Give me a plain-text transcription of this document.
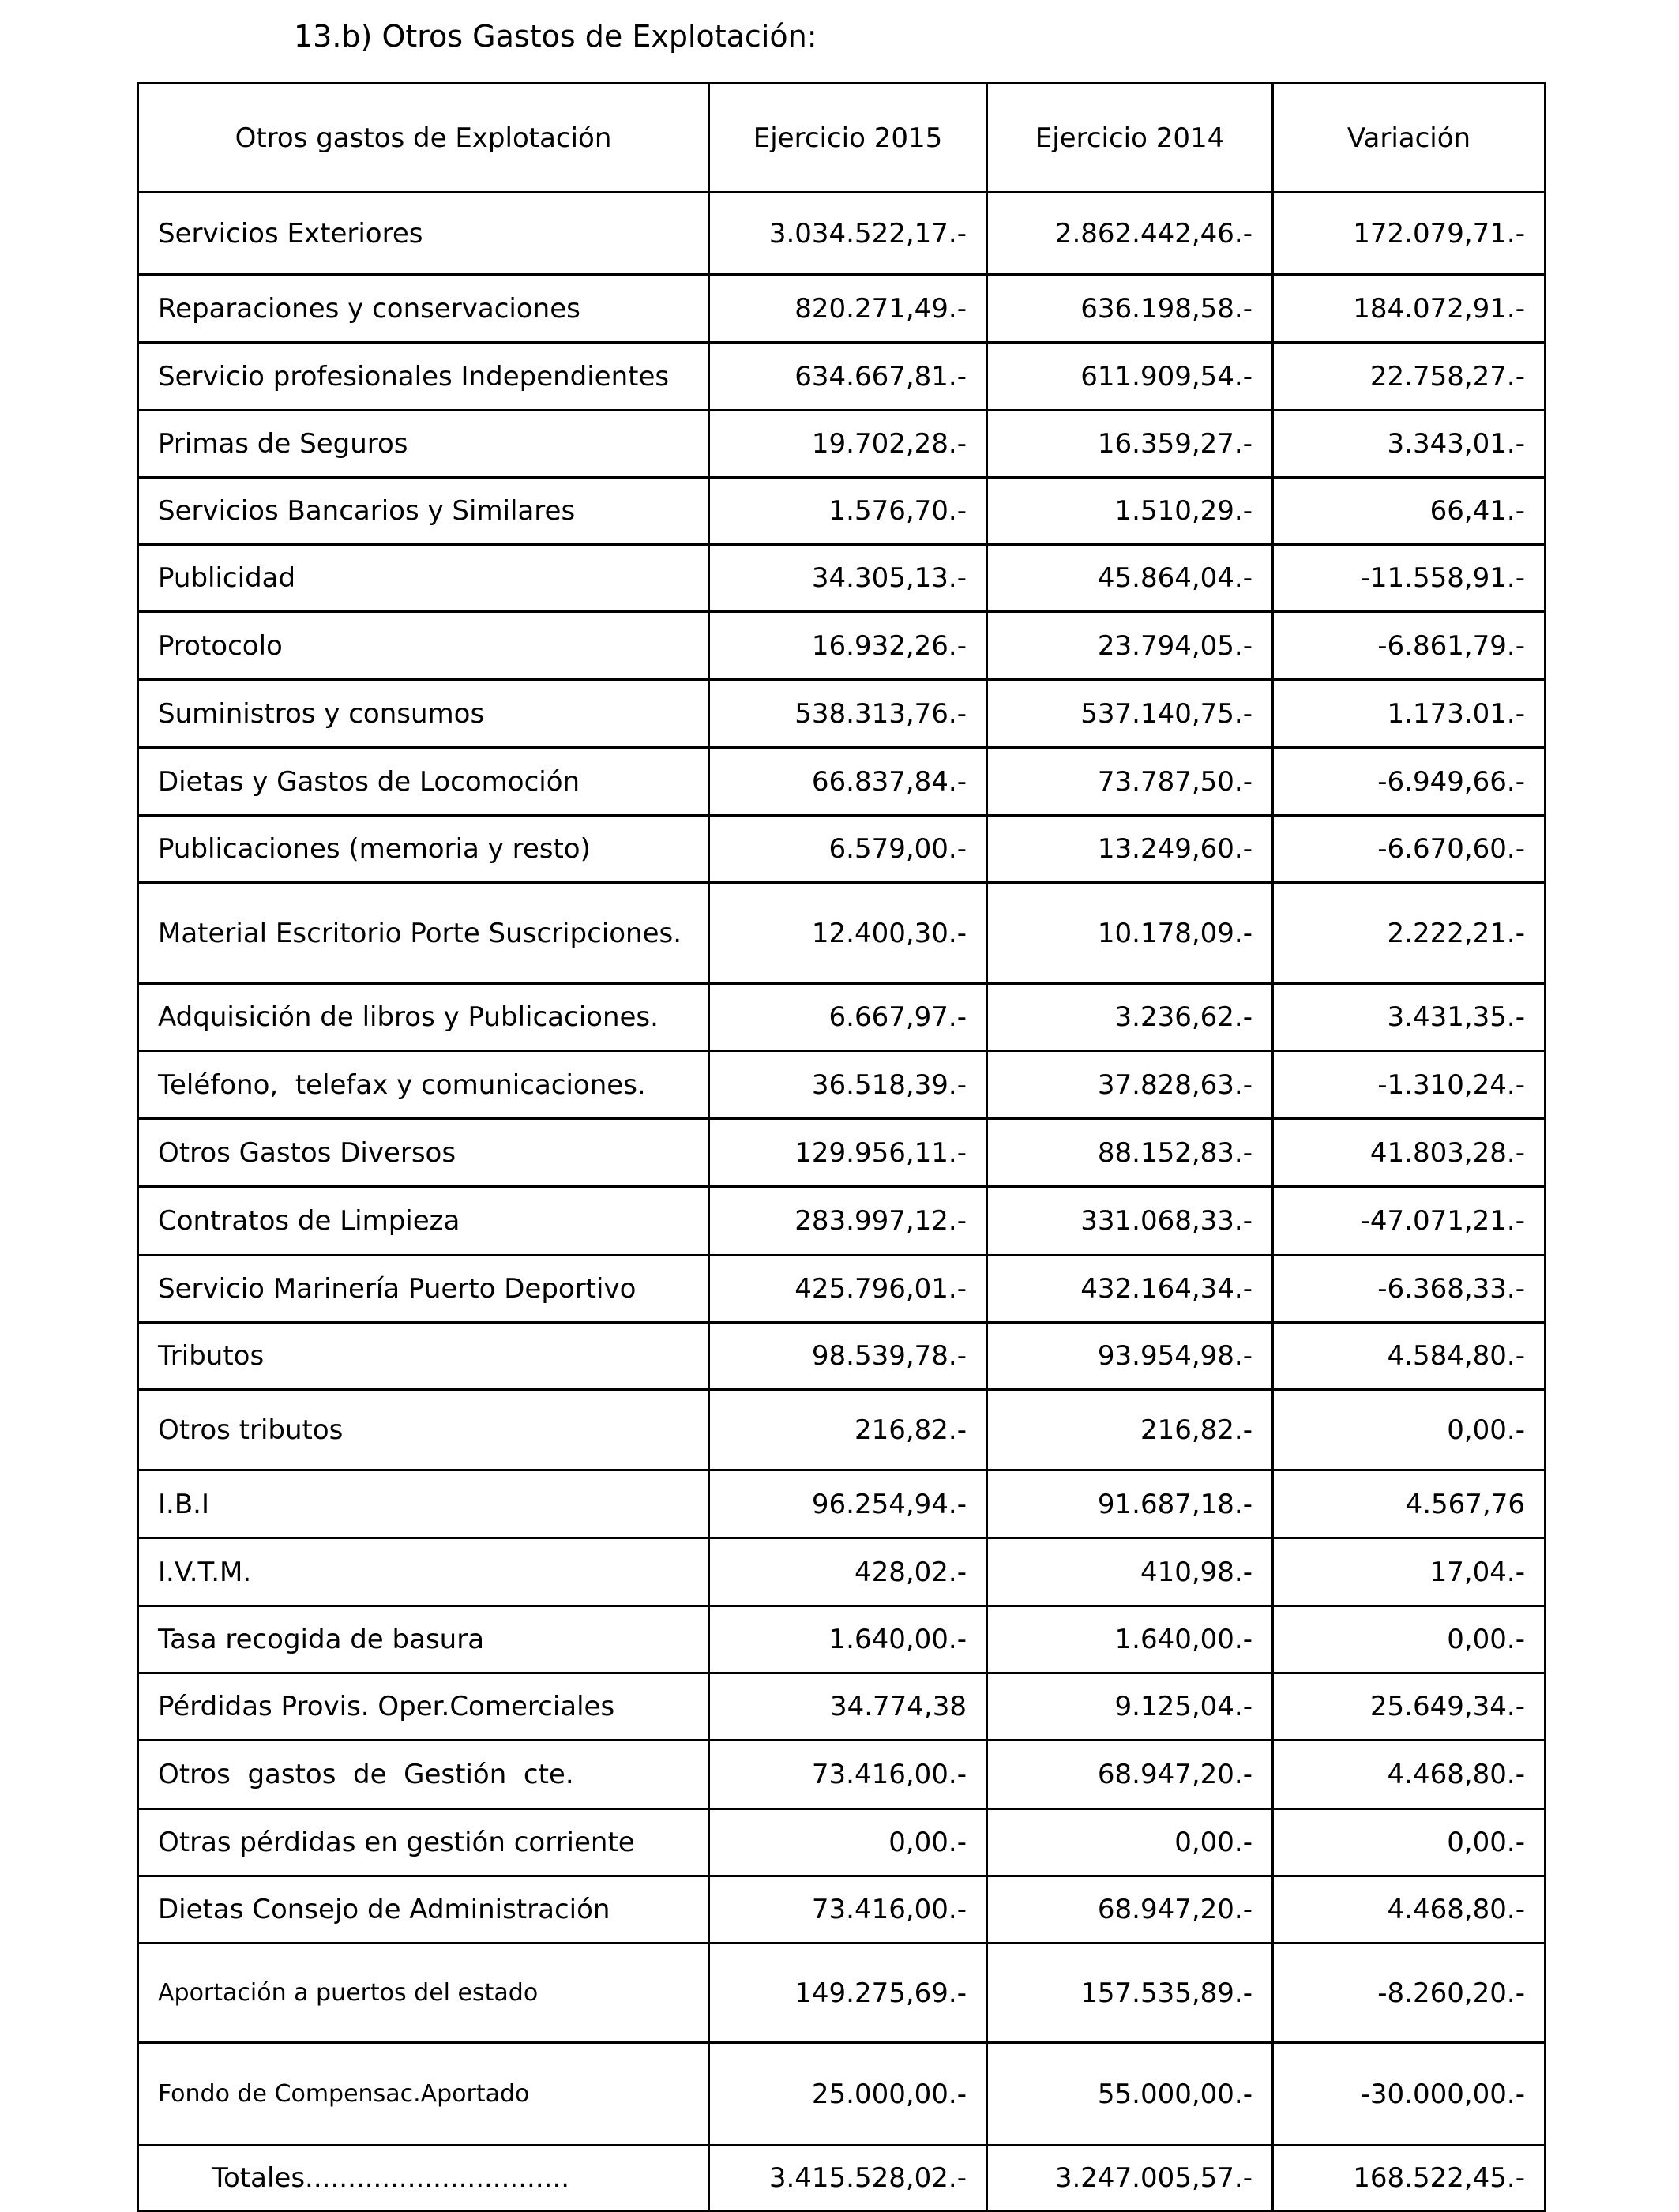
13.b) Otros Gastos de Explotación:
Otros gastos de Explotación	Ejercicio 2015	Ejercicio 2014	Variación
Servicios Exteriores	3.034.522,17.-	2.862.442,46.-	172.079,71.-
Reparaciones y conservaciones	820.271,49.-	636.198,58.-	184.072,91.-
Servicio profesionales Independientes	634.667,81.-	611.909,54.-	22.758,27.-
Primas de Seguros	19.702,28.-	16.359,27.-	3.343,01.-
Servicios Bancarios y Similares	1.576,70.-	1.510,29.-	66,41.-
Publicidad	34.305,13.-	45.864,04.-	-11.558,91.-
Protocolo	16.932,26.-	23.794,05.-	-6.861,79.-
Suministros y consumos	538.313,76.-	537.140,75.-	1.173.01.-
Dietas y Gastos de Locomoción	66.837,84.-	73.787,50.-	-6.949,66.-
Publicaciones (memoria y resto)	6.579,00.-	13.249,60.-	-6.670,60.-
Material Escritorio Porte Suscripciones.	12.400,30.-	10.178,09.-	2.222,21.-
Adquisición de libros y Publicaciones.	6.667,97.-	3.236,62.-	3.431,35.-
Teléfono,  telefax y comunicaciones.	36.518,39.-	37.828,63.-	-1.310,24.-
Otros Gastos Diversos	129.956,11.-	88.152,83.-	41.803,28.-
Contratos de Limpieza	283.997,12.-	331.068,33.-	-47.071,21.-
Servicio Marinería Puerto Deportivo	425.796,01.-	432.164,34.-	-6.368,33.-
Tributos	98.539,78.-	93.954,98.-	4.584,80.-
Otros tributos	216,82.-	216,82.-	0,00.-
I.B.I	96.254,94.-	91.687,18.-	4.567,76
I.V.T.M.	428,02.-	410,98.-	17,04.-
Tasa recogida de basura	1.640,00.-	1.640,00.-	0,00.-
Pérdidas Provis. Oper.Comerciales	34.774,38	9.125,04.-	25.649,34.-
Otros  gastos  de  Gestión  cte.	73.416,00.-	68.947,20.-	4.468,80.-
Otras pérdidas en gestión corriente	0,00.-	0,00.-	0,00.-
Dietas Consejo de Administración	73.416,00.-	68.947,20.-	4.468,80.-
Aportación a puertos del estado	149.275,69.-	157.535,89.-	-8.260,20.-
Fondo de Compensac.Aportado	25.000,00.-	55.000,00.-	-30.000,00.-
Totales...............................	3.415.528,02.-	3.247.005,57.-	168.522,45.-
